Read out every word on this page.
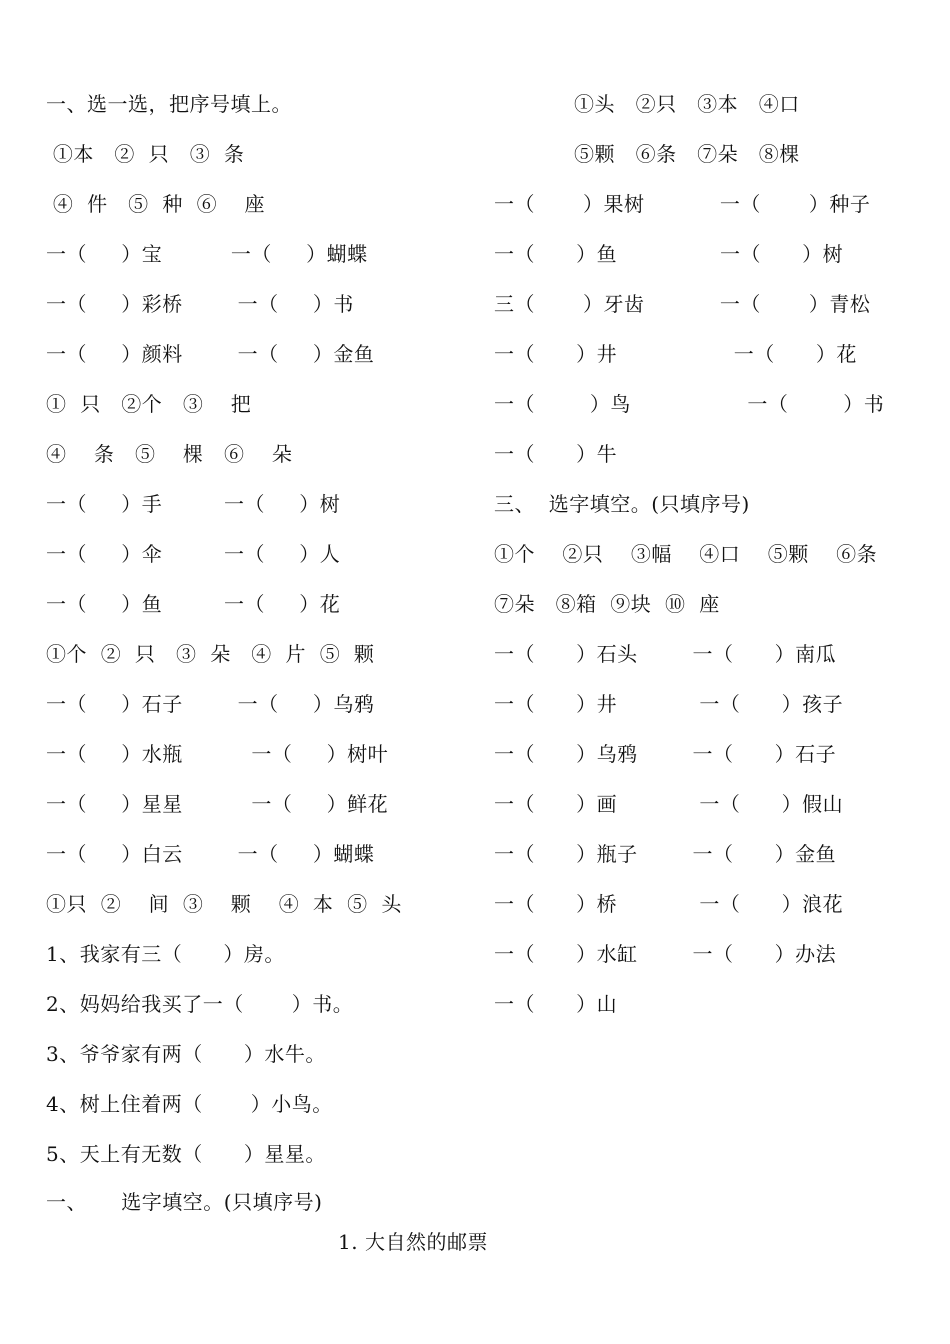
一、选一选，把序号填上。
①本   ②  只   ③  条
④  件   ⑤  种  ⑥    座
一（     ）宝          一（     ）蝴蝶
一（     ）彩桥        一（     ）书
一（     ）颜料        一（     ）金鱼
①  只   ②个   ③    把
④    条   ⑤    棵   ⑥    朵
一（     ）手         一（     ）树
一（     ）伞         一（     ）人
一（     ）鱼         一（     ）花
①个  ②  只   ③  朵   ④  片  ⑤  颗
一（     ）石子        一（     ）乌鸦
一（     ）水瓶          一（     ）树叶
一（     ）星星          一（     ）鲜花
一（     ）白云        一（     ）蝴蝶
①只  ②    间  ③    颗    ④  本  ⑤  头
1、我家有三（      ）房。
2、妈妈给我买了一（       ）书。
3、爷爷家有两（      ）水牛。
4、树上住着两（       ）小鸟。
5、天上有无数（      ）星星。
一、     选字填空。(只填序号)
①头   ②只   ③本   ④口
⑤颗   ⑥条   ⑦朵   ⑧棵
一（       ）果树           一（       ）种子
一（      ）鱼               一（      ）树
三（       ）牙齿           一（       ）青松
一（      ）井                 一（      ）花
一（        ）鸟                 一（        ）书
一（      ）牛
三、  选字填空。(只填序号)
①个    ②只    ③幅    ④口    ⑤颗    ⑥条
⑦朵   ⑧箱  ⑨块  ⑩  座
一（      ）石头        一（      ）南瓜
一（      ）井            一（      ）孩子
一（      ）乌鸦        一（      ）石子
一（      ）画            一（      ）假山
一（      ）瓶子        一（      ）金鱼
一（      ）桥            一（      ）浪花
一（      ）水缸        一（      ）办法
一（      ）山
1. 大自然的邮票
